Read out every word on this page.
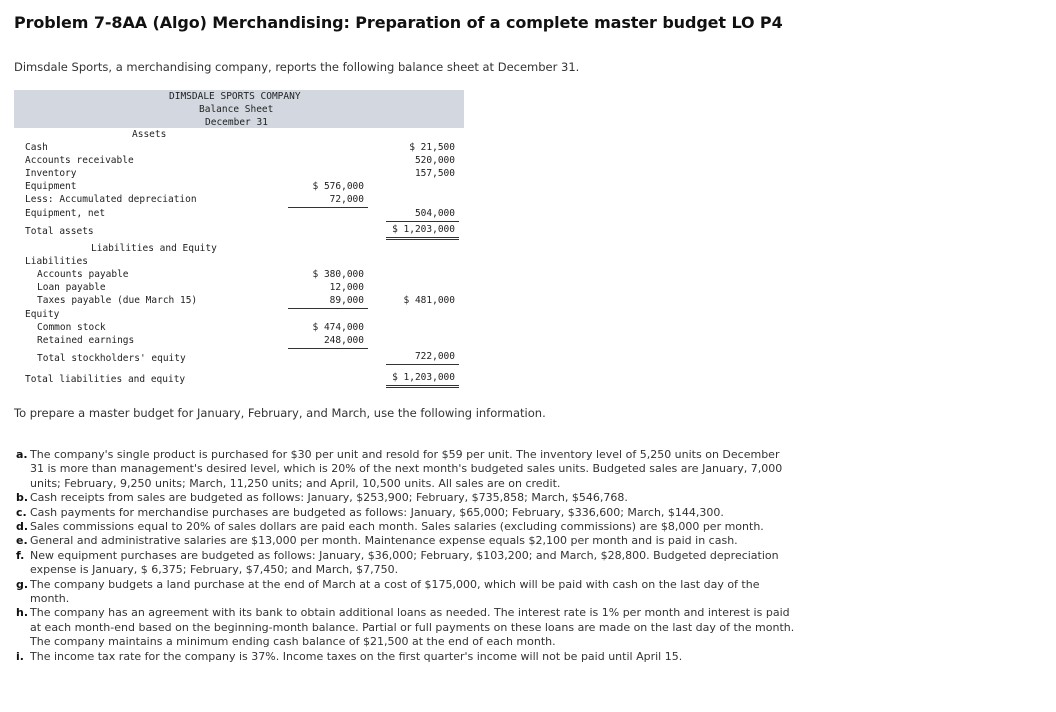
Problem 7-8AA (Algo) Merchandising: Preparation of a complete master budget LO P4
Dimsdale Sports, a merchandising company, reports the following balance sheet at December 31.
DIMSDALE SPORTS COMPANY
Balance Sheet
December 31
Assets
Cash	$ 21,500
Accounts receivable	520,000
Inventory	157,500
Equipment	$ 576,000
Less: Accumulated depreciation	72,000
Equipment, net	504,000
Total assets	$ 1,203,000
Liabilities and Equity
Liabilities
Accounts payable	$ 380,000
Loan payable	12,000
Taxes payable (due March 15)	89,000	$ 481,000
Equity
Common stock	$ 474,000
Retained earnings	248,000
Total stockholders' equity	722,000
Total liabilities and equity	$ 1,203,000
To prepare a master budget for January, February, and March, use the following information.
a. The company's single product is purchased for $30 per unit and resold for $59 per unit. The inventory level of 5,250 units on December 31 is more than management's desired level, which is 20% of the next month's budgeted sales units. Budgeted sales are January, 7,000 units; February, 9,250 units; March, 11,250 units; and April, 10,500 units. All sales are on credit.
b. Cash receipts from sales are budgeted as follows: January, $253,900; February, $735,858; March, $546,768.
c. Cash payments for merchandise purchases are budgeted as follows: January, $65,000; February, $336,600; March, $144,300.
d. Sales commissions equal to 20% of sales dollars are paid each month. Sales salaries (excluding commissions) are $8,000 per month.
e. General and administrative salaries are $13,000 per month. Maintenance expense equals $2,100 per month and is paid in cash.
f. New equipment purchases are budgeted as follows: January, $36,000; February, $103,200; and March, $28,800. Budgeted depreciation expense is January, $ 6,375; February, $7,450; and March, $7,750.
g. The company budgets a land purchase at the end of March at a cost of $175,000, which will be paid with cash on the last day of the month.
h. The company has an agreement with its bank to obtain additional loans as needed. The interest rate is 1% per month and interest is paid at each month-end based on the beginning-month balance. Partial or full payments on these loans are made on the last day of the month. The company maintains a minimum ending cash balance of $21,500 at the end of each month.
i. The income tax rate for the company is 37%. Income taxes on the first quarter's income will not be paid until April 15.
